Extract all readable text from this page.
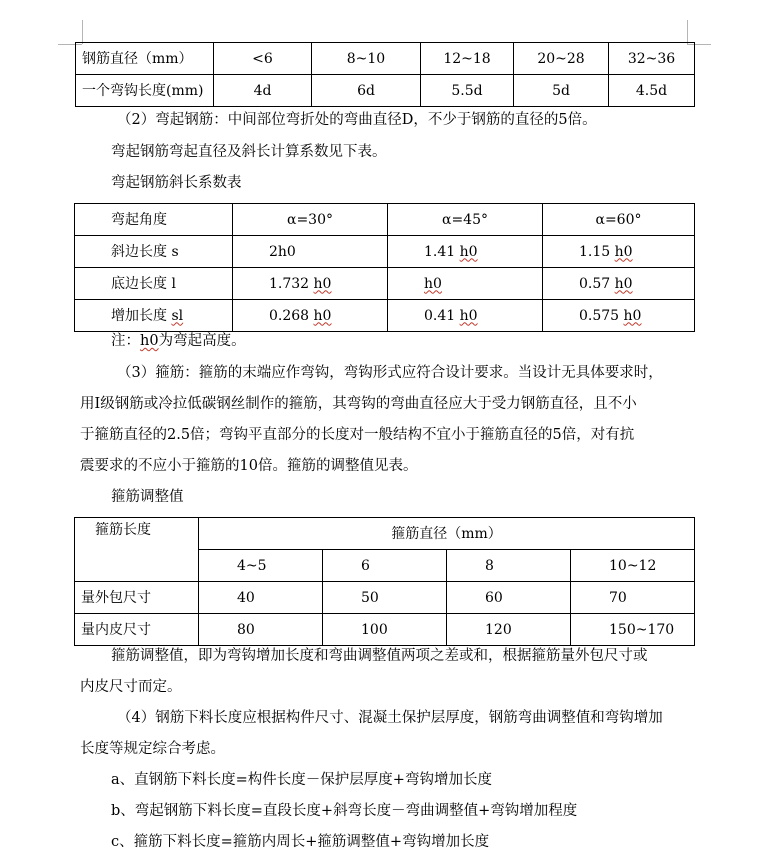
钢筋直径（mm）	<6	8~10	12~18	20~28	32~36
一个弯钩长度(mm)	4d	6d	5.5d	5d	4.5d
（2）弯起钢筋：中间部位弯折处的弯曲直径D，不少于钢筋的直径的5倍。
弯起钢筋弯起直径及斜长计算系数见下表。
弯起钢筋斜长系数表
弯起角度	α=30°	α=45°	α=60°
斜边长度 s	2h0	1.41 h0	1.15 h0
底边长度 l	1.732 h0	h0	0.57 h0
增加长度 sl	0.268 h0	0.41 h0	0.575 h0
注：h0为弯起高度。
（3）箍筋：箍筋的末端应作弯钩，弯钩形式应符合设计要求。当设计无具体要求时，
用Ⅰ级钢筋或冷拉低碳钢丝制作的箍筋，其弯钩的弯曲直径应大于受力钢筋直径，且不小
于箍筋直径的2.5倍；弯钩平直部分的长度对一般结构不宜小于箍筋直径的5倍，对有抗
震要求的不应小于箍筋的10倍。箍筋的调整值见表。
箍筋调整值
箍筋长度	箍筋直径（mm）			
	4~5	6	8	10~12
量外包尺寸	40	50	60	70
量内皮尺寸	80	100	120	150~170
箍筋调整值，即为弯钩增加长度和弯曲调整值两项之差或和，根据箍筋量外包尺寸或
内皮尺寸而定。
（4）钢筋下料长度应根据构件尺寸、混凝土保护层厚度，钢筋弯曲调整值和弯钩增加
长度等规定综合考虑。
a、直钢筋下料长度=构件长度－保护层厚度+弯钩增加长度
b、弯起钢筋下料长度=直段长度+斜弯长度－弯曲调整值+弯钩增加程度
c、箍筋下料长度=箍筋内周长+箍筋调整值+弯钩增加长度
